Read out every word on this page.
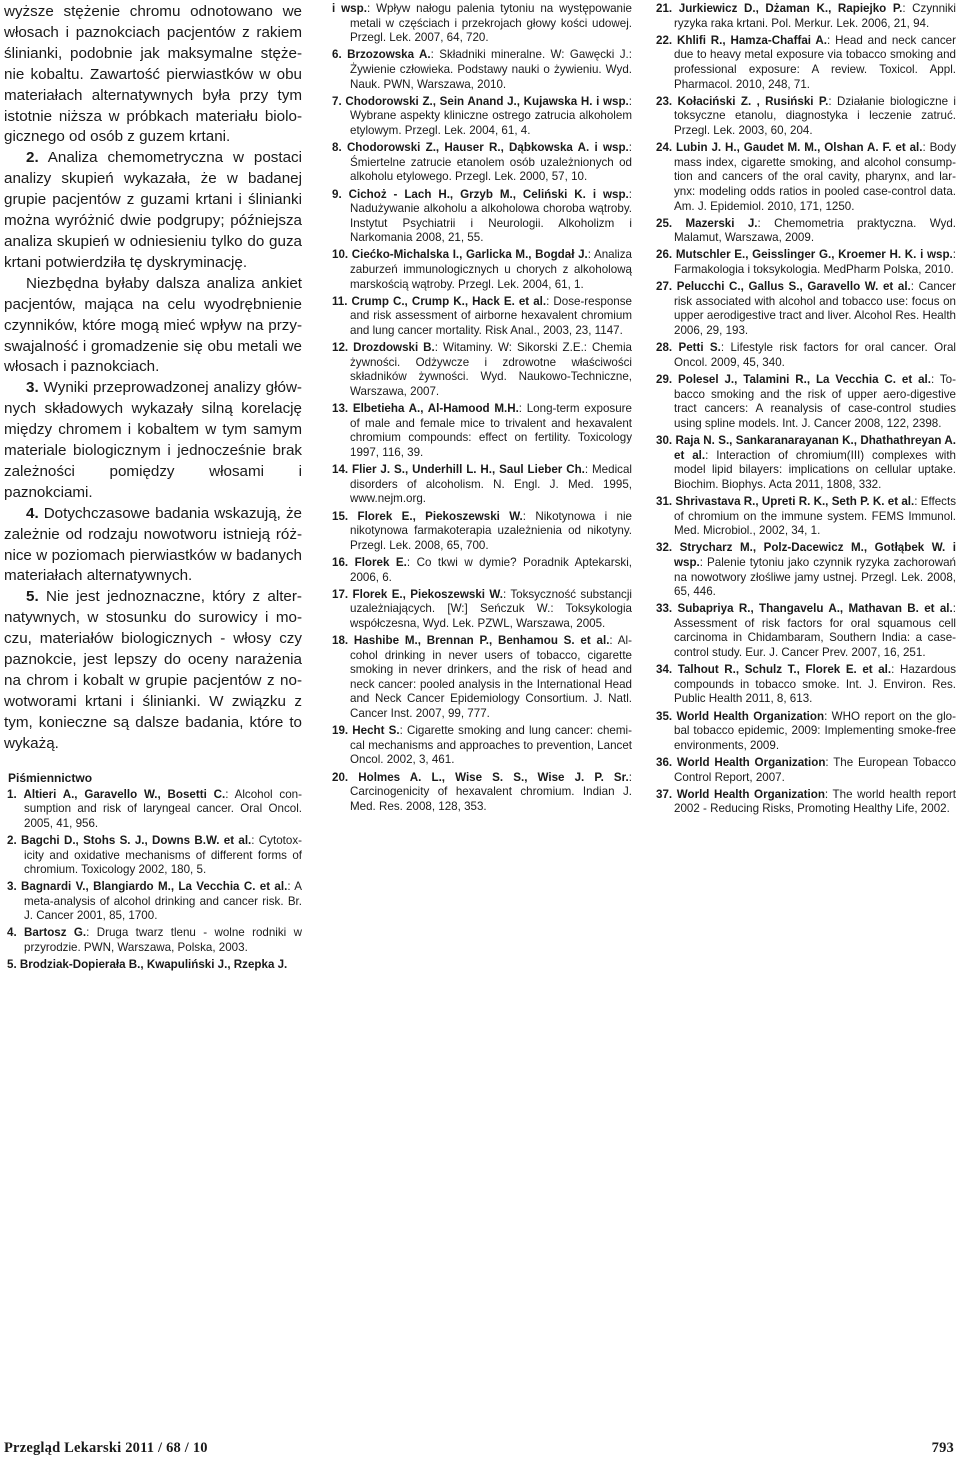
wyższe stężenie chromu odnotowano we włosach i paznokciach pacjentów z rakiem ślinianki, podobnie jak maksymalne stężenie kobaltu. Zawartość pierwiastków w obu materiałach alternatywnych była przy tym istotnie niższa w próbkach materiału biologicznego od osób z guzem krtani.

2. Analiza chemometryczna w postaci analizy skupień wykazała, że w badanej grupie pacjentów z guzami krtani i ślinianki można wyróżnić dwie podgrupy; późniejsza analiza skupień w odniesieniu tylko do guza krtani potwierdziła tę dyskryminację.

Niezbędna byłaby dalsza analiza ankiet pacjentów, mająca na celu wyodrębnienie czynników, które mogą mieć wpływ na przyswajalność i gromadzenie się obu metali we włosach i paznokciach.

3. Wyniki przeprowadzonej analizy głównych składowych wykazały silną korelację między chromem i kobaltem w tym samym materiale biologicznym i jednocześnie brak zależności pomiędzy włosami i paznokciami.

4. Dotychczasowe badania wskazują, że zależnie od rodzaju nowotworu istnieją różnice w poziomach pierwiastków w badanych materiałach alternatywnych.

5. Nie jest jednoznaczne, który z alternatywnych, w stosunku do surowicy i moczu, materiałów biologicznych - włosy czy paznokcie, jest lepszy do oceny narażenia na chrom i kobalt w grupie pacjentów z nowotworami krtani i ślinianki. W związku z tym, konieczne są dalsze badania, które to wykażą.

Piśmiennictwo
1. Altieri A., Garavello W., Bosetti C.: Alcohol consumption and risk of laryngeal cancer. Oral Oncol. 2005, 41, 956.
2. Bagchi D., Stohs S. J., Downs B.W. et al.: Cytotoxicity and oxidative mechanisms of different forms of chromium. Toxicology 2002, 180, 5.
3. Bagnardi V., Blangiardo M., La Vecchia C. et al.: A meta-analysis of alcohol drinking and cancer risk. Br. J. Cancer 2001, 85, 1700.
4. Bartosz G.: Druga twarz tlenu - wolne rodniki w przyrodzie. PWN, Warszawa, Polska, 2003.
5. Brodziak-Dopierała B., Kwapuliński J., Rzepka J.
i wsp.: Wpływ nałogu palenia tytoniu na występowanie metali w częściach i przekrojach głowy kości udowej. Przegl. Lek. 2007, 64, 720.
6. Brzozowska A.: Składniki mineralne. W: Gawęcki J.: Żywienie człowieka. Podstawy nauki o żywieniu. Wyd. Nauk. PWN, Warszawa, 2010.
7. Chodorowski Z., Sein Anand J., Kujawska H. i wsp.: Wybrane aspekty kliniczne ostrego zatrucia alkoholem etylowym. Przegl. Lek. 2004, 61, 4.
8. Chodorowski Z., Hauser R., Dąbkowska A. i wsp.: Śmiertelne zatrucie etanolem osób uzależnionych od alkoholu etylowego. Przegl. Lek. 2000, 57, 10.
9. Cichoż - Lach H., Grzyb M., Celiński K. i wsp.: Nadużywanie alkoholu a alkoholowa choroba wątroby. Instytut Psychiatrii i Neurologii. Alkoholizm i Narkomania 2008, 21, 55.
10. Ciećko-Michalska I., Garlicka M., Bogdał J.: Analiza zaburzeń immunologicznych u chorych z alkoholową marskością wątroby. Przegl. Lek. 2004, 61, 1.
11. Crump C., Crump K., Hack E. et al.: Dose-response and risk assessment of airborne hexavalent chromium and lung cancer mortality. Risk Anal., 2003, 23, 1147.
12. Drozdowski B.: Witaminy. W: Sikorski Z.E.: Chemia żywności. Odżywcze i zdrowotne właściwości składników żywności. Wyd. Naukowo-Techniczne, Warszawa, 2007.
13. Elbetieha A., Al-Hamood M.H.: Long-term exposure of male and female mice to trivalent and hexavalent chromium compounds: effect on fertility. Toxicology 1997, 116, 39.
14. Flier J. S., Underhill L. H., Saul Lieber Ch.: Medical disorders of alcoholism. N. Engl. J. Med. 1995, www.nejm.org.
15. Florek E., Piekoszewski W.: Nikotynowa i nie nikotynowa farmakoterapia uzależnienia od nikotyny. Przegl. Lek. 2008, 65, 700.
16. Florek E.: Co tkwi w dymie? Poradnik Aptekarski, 2006, 6.
17. Florek E., Piekoszewski W.: Toksyczność substancji uzależniających. [W:] Seńczuk W.: Toksykologia współczesna, Wyd. Lek. PZWL, Warszawa, 2005.
18. Hashibe M., Brennan P., Benhamou S. et al.: Alcohol drinking in never users of tobacco, cigarette smoking in never drinkers, and the risk of head and neck cancer: pooled analysis in the International Head and Neck Cancer Epidemiology Consortium. J. Natl. Cancer Inst. 2007, 99, 777.
19. Hecht S.: Cigarette smoking and lung cancer: chemical mechanisms and approaches to prevention, Lancet Oncol. 2002, 3, 461.
20. Holmes A. L., Wise S. S., Wise J. P. Sr.: Carcinogenicity of hexavalent chromium. Indian J. Med. Res. 2008, 128, 353.
21. Jurkiewicz D., Dżaman K., Rapiejko P.: Czynniki ryzyka raka krtani. Pol. Merkur. Lek. 2006, 21, 94.
22. Khlifi R., Hamza-Chaffai A.: Head and neck cancer due to heavy metal exposure via tobacco smoking and professional exposure: A review. Toxicol. Appl. Pharmacol. 2010, 248, 71.
23. Kołaciński Z. , Rusiński P.: Działanie biologiczne i toksyczne etanolu, diagnostyka i leczenie zatruć. Przegl. Lek. 2003, 60, 204.
24. Lubin J. H., Gaudet M. M., Olshan A. F. et al.: Body mass index, cigarette smoking, and alcohol consumption and cancers of the oral cavity, pharynx, and larynx: modeling odds ratios in pooled case-control data. Am. J. Epidemiol. 2010, 171, 1250.
25. Mazerski J.: Chemometria praktyczna. Wyd. Malamut, Warszawa, 2009.
26. Mutschler E., Geisslinger G., Kroemer H. K. i wsp.: Farmakologia i toksykologia. MedPharm Polska, 2010.
27. Pelucchi C., Gallus S., Garavello W. et al.: Cancer risk associated with alcohol and tobacco use: focus on upper aerodigestive tract and liver. Alcohol Res. Health 2006, 29, 193.
28. Petti S.: Lifestyle risk factors for oral cancer. Oral Oncol. 2009, 45, 340.
29. Polesel J., Talamini R., La Vecchia C. et al.: Tobacco smoking and the risk of upper aero-digestive tract cancers: A reanalysis of case-control studies using spline models. Int. J. Cancer 2008, 122, 2398.
30. Raja N. S., Sankaranarayanan K., Dhathathreyan A. et al.: Interaction of chromium(III) complexes with model lipid bilayers: implications on cellular uptake. Biochim. Biophys. Acta 2011, 1808, 332.
31. Shrivastava R., Upreti R. K., Seth P. K. et al.: Effects of chromium on the immune system. FEMS Immunol. Med. Microbiol., 2002, 34, 1.
32. Strycharz M., Polz-Dacewicz M., Gotłąbek W. i wsp.: Palenie tytoniu jako czynnik ryzyka zachorowań na nowotwory złośliwe jamy ustnej. Przegl. Lek. 2008, 65, 446.
33. Subapriya R., Thangavelu A., Mathavan B. et al.: Assessment of risk factors for oral squamous cell carcinoma in Chidambaram, Southern India: a case-control study. Eur. J. Cancer Prev. 2007, 16, 251.
34. Talhout R., Schulz T., Florek E. et al.: Hazardous compounds in tobacco smoke. Int. J. Environ. Res. Public Health 2011, 8, 613.
35. World Health Organization: WHO report on the global tobacco epidemic, 2009: Implementing smoke-free environments, 2009.
36. World Health Organization: The European Tobacco Control Report, 2007.
37. World Health Organization: The world health report 2002 - Reducing Risks, Promoting Healthy Life, 2002.
Przegląd Lekarski 2011 / 68 / 10	793
